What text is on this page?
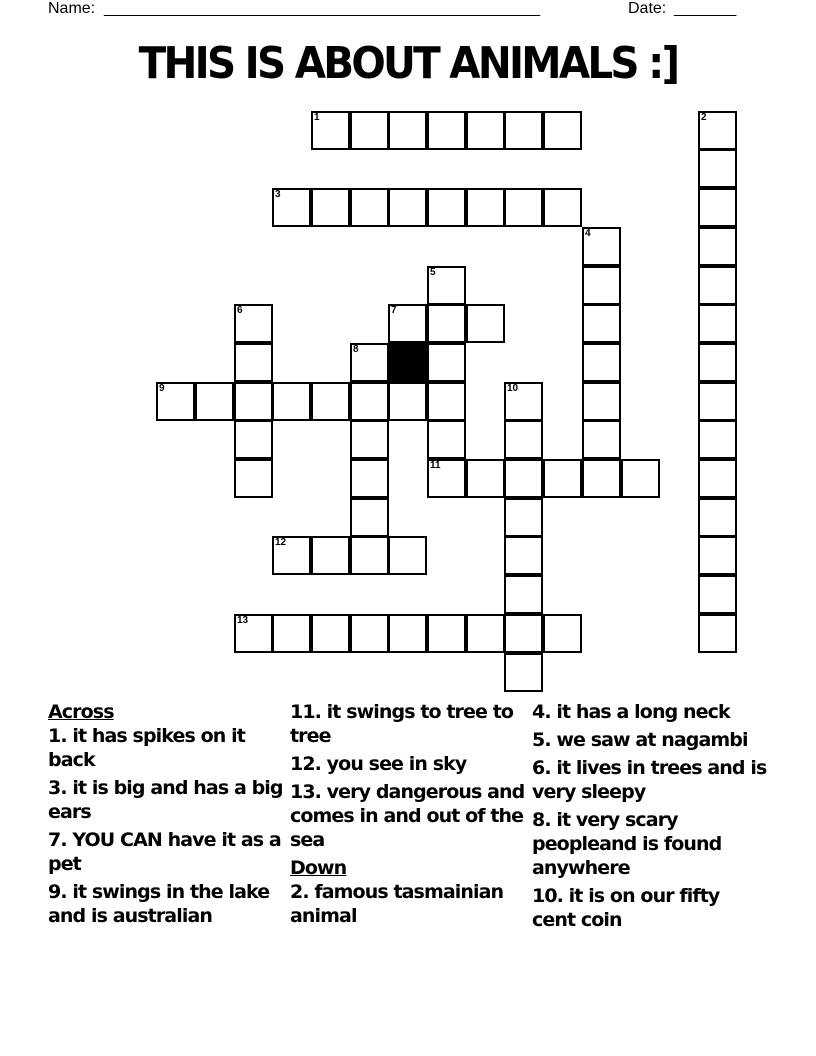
Name: _________________________________________________	Date: _______
THIS IS ABOUT ANIMALS :]
1	2
3
4
5
11
6	7
8
9	10
12
13
Across
1. it has spikes on it back
3. it is big and has a big ears
7. YOU CAN have it as a pet
9. it swings in the lake and is australian
11. it swings to tree to tree
12. you see in sky
13. very dangerous and comes in and out of the sea
Down
2. famous tasmainian animal
4. it has a long neck
5. we saw at nagambi
6. it lives in trees and is very sleepy
8. it very scary peopleand is found anywhere
10. it is on our fifty cent coin
